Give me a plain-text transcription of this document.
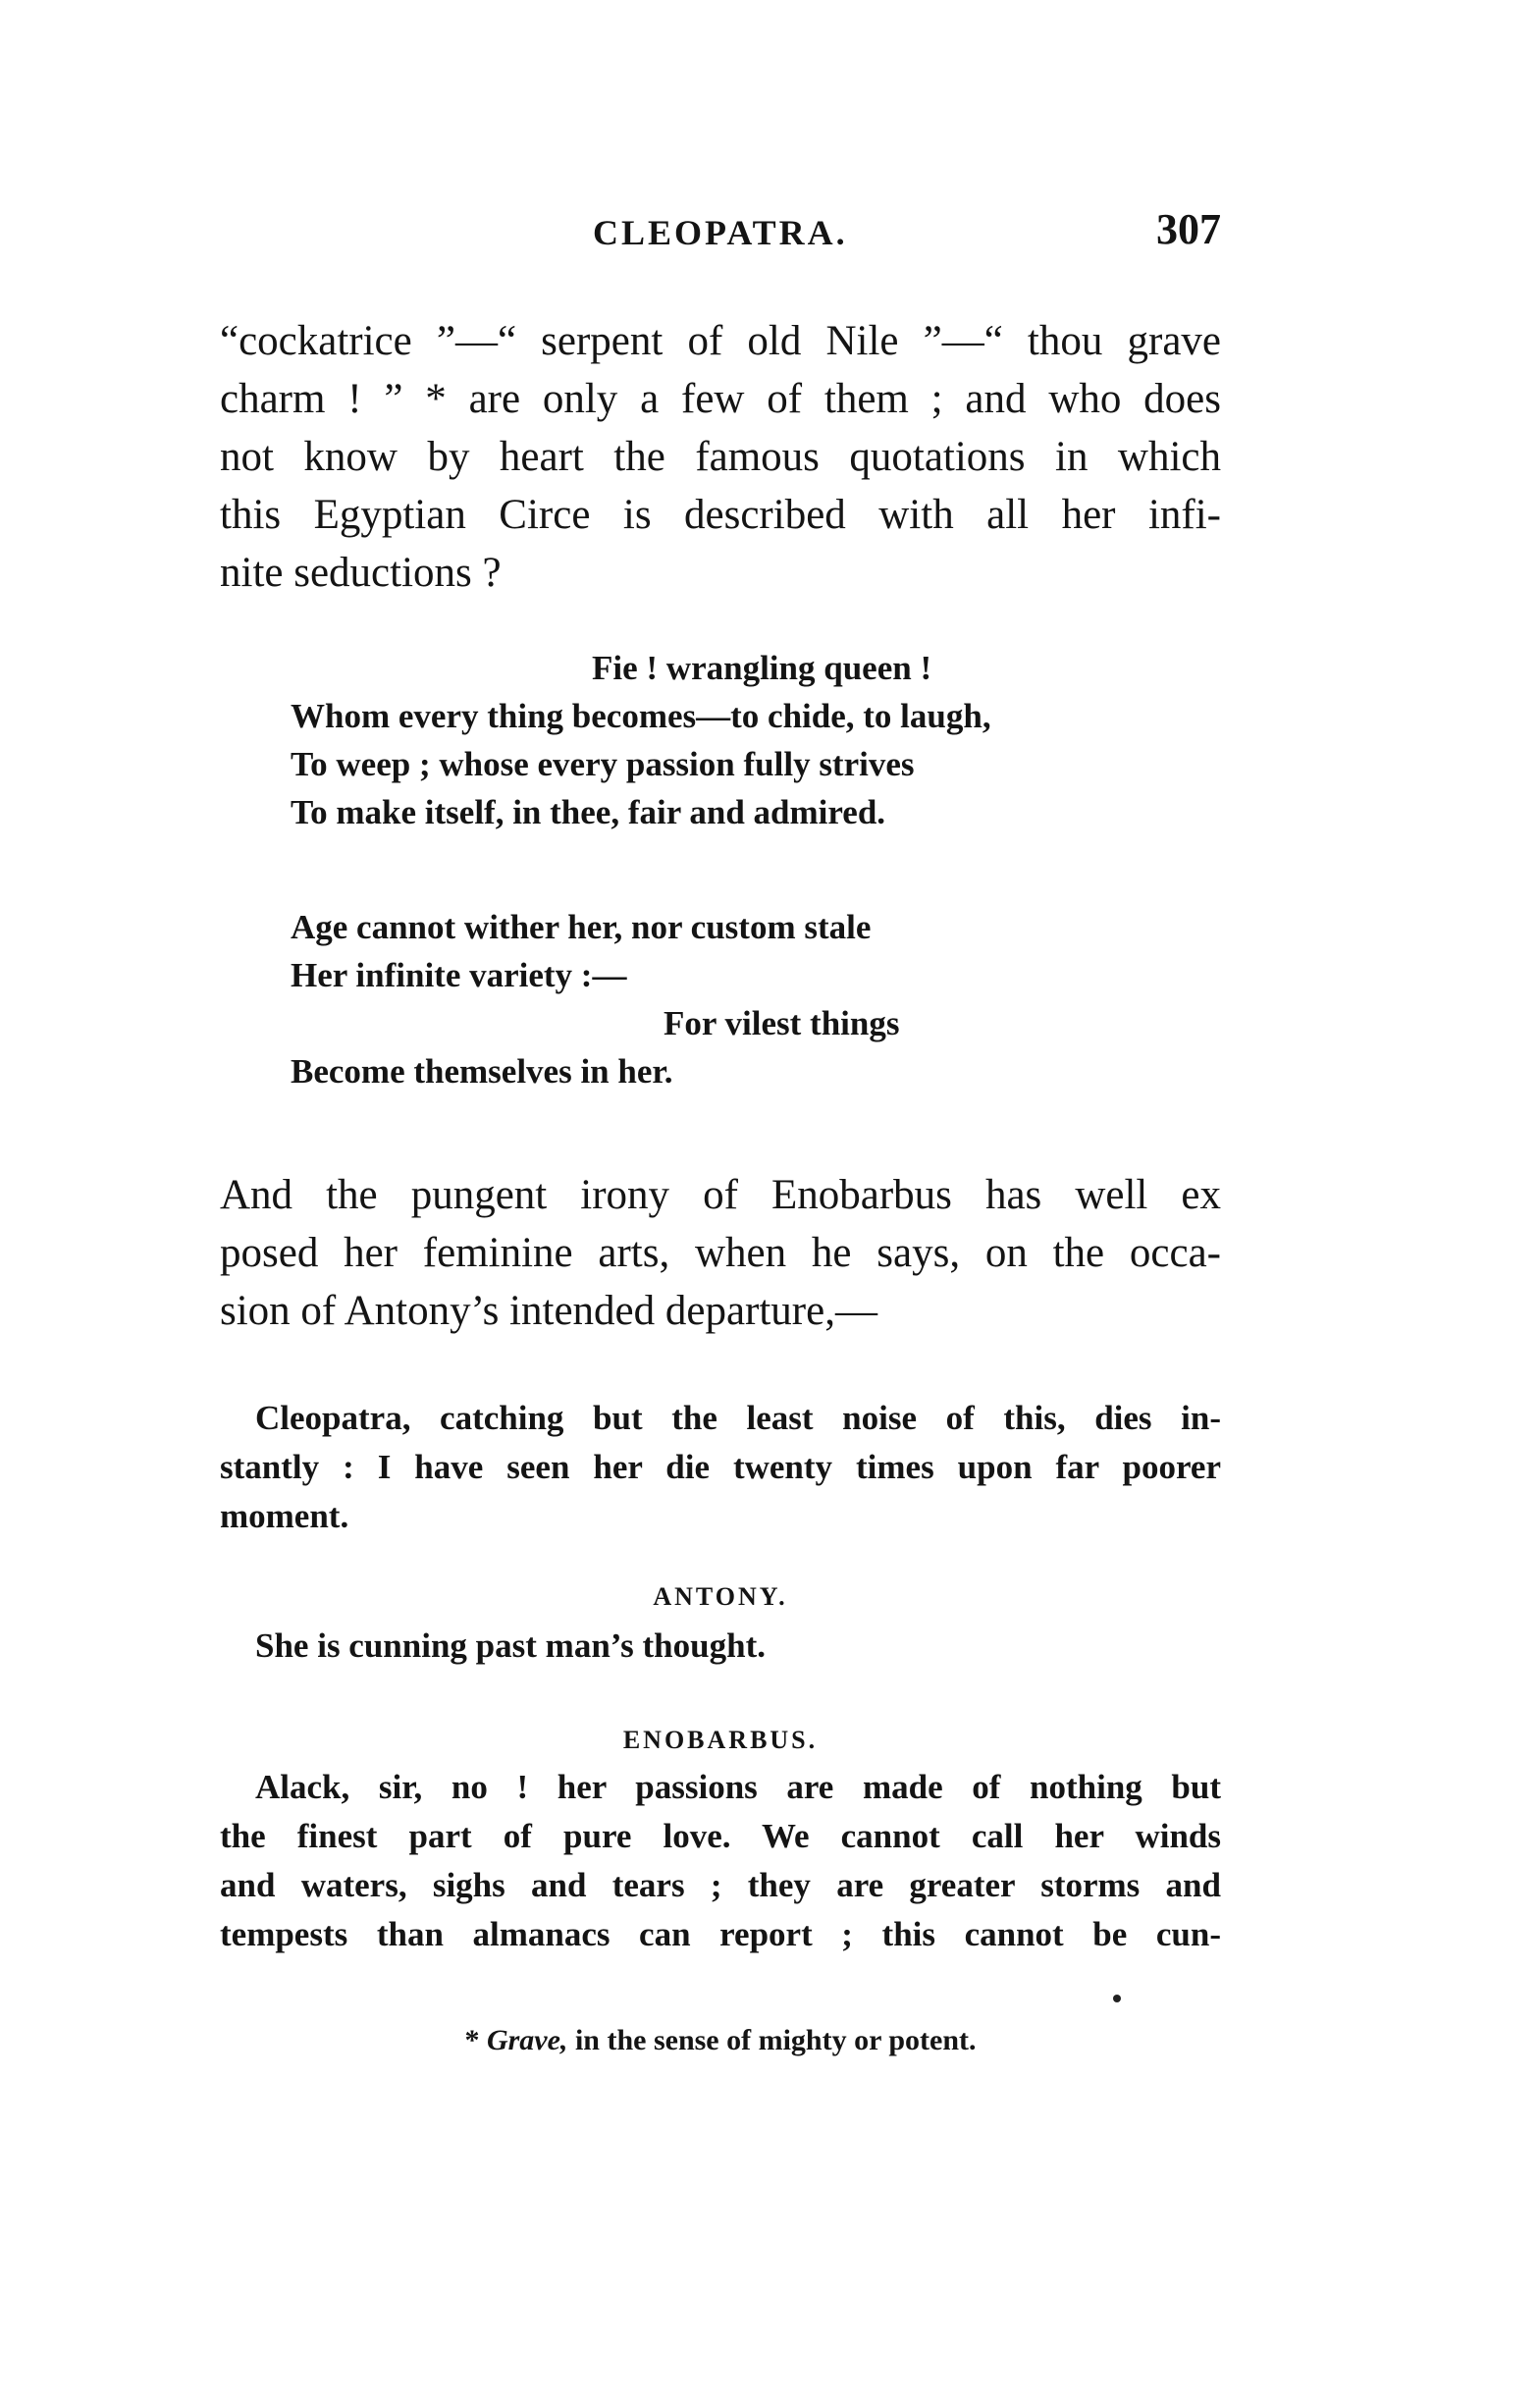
CLEOPATRA.	307
“cockatrice ”—“ serpent of old Nile ”—“ thou grave
charm ! ” * are only a few of them ; and who does
not know by heart the famous quotations in which
this Egyptian Circe is described with all her infi-
nite seductions ?
Fie ! wrangling queen !
Whom every thing becomes—to chide, to laugh,
To weep ; whose every passion fully strives
To make itself, in thee, fair and admired.
Age cannot wither her, nor custom stale
Her infinite variety :—
For vilest things
Become themselves in her.
And the pungent irony of Enobarbus has well ex
posed her feminine arts, when he says, on the occa-
sion of Antony’s intended departure,—
Cleopatra, catching but the least noise of this, dies in-
stantly : I have seen her die twenty times upon far poorer
moment.
ANTONY.
She is cunning past man’s thought.
ENOBARBUS.
Alack, sir, no ! her passions are made of nothing but
the finest part of pure love. We cannot call her winds
and waters, sighs and tears ; they are greater storms and
tempests than almanacs can report ; this cannot be cun-
* Grave, in the sense of mighty or potent.
